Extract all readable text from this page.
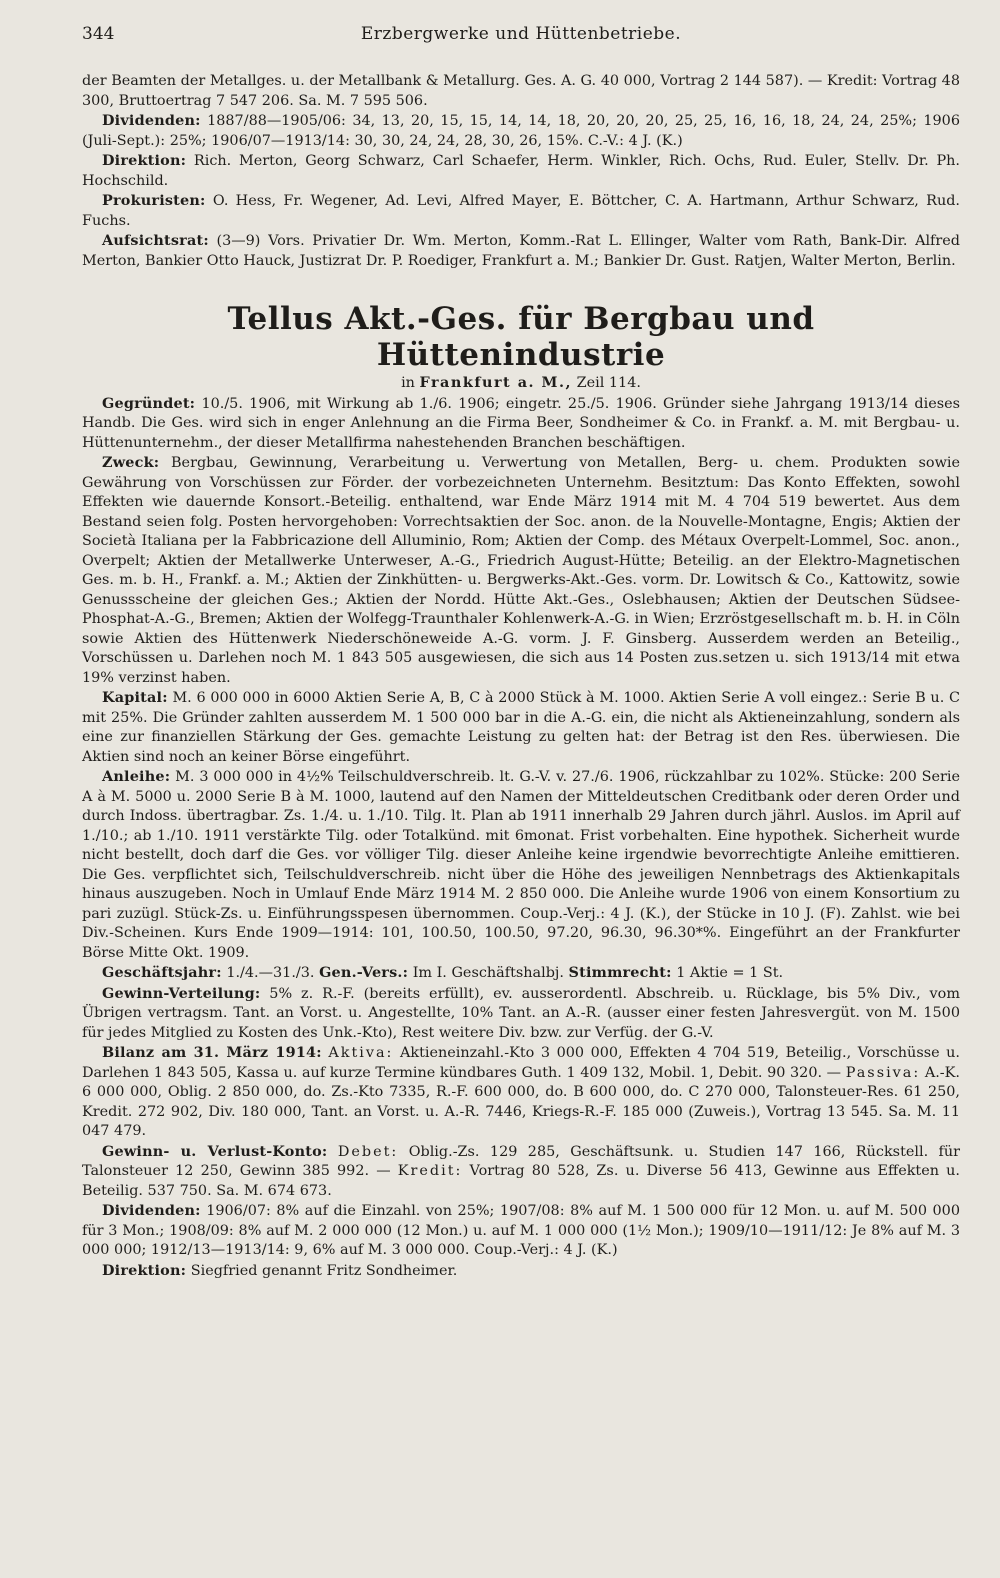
344	Erzbergwerke und Hüttenbetriebe.

der Beamten der Metallges. u. der Metallbank & Metallurg. Ges. A. G. 40 000, Vortrag 2 144 587). — Kredit: Vortrag 48 300, Bruttoertrag 7 547 206. Sa. M. 7 595 506.

Dividenden: 1887/88—1905/06: 34, 13, 20, 15, 15, 14, 14, 18, 20, 20, 20, 25, 25, 16, 16, 18, 24, 24, 25%; 1906 (Juli-Sept.): 25%; 1906/07—1913/14: 30, 30, 24, 24, 28, 30, 26, 15%. C.-V.: 4 J. (K.)

Direktion: Rich. Merton, Georg Schwarz, Carl Schaefer, Herm. Winkler, Rich. Ochs, Rud. Euler, Stellv. Dr. Ph. Hochschild.

Prokuristen: O. Hess, Fr. Wegener, Ad. Levi, Alfred Mayer, E. Böttcher, C. A. Hartmann, Arthur Schwarz, Rud. Fuchs.

Aufsichtsrat: (3—9) Vors. Privatier Dr. Wm. Merton, Komm.-Rat L. Ellinger, Walter vom Rath, Bank-Dir. Alfred Merton, Bankier Otto Hauck, Justizrat Dr. P. Roediger, Frankfurt a. M.; Bankier Dr. Gust. Ratjen, Walter Merton, Berlin.

Tellus Akt.-Ges. für Bergbau und Hüttenindustrie

in Frankfurt a. M., Zeil 114.

Gegründet: 10./5. 1906, mit Wirkung ab 1./6. 1906; eingetr. 25./5. 1906. Gründer siehe Jahrgang 1913/14 dieses Handb. Die Ges. wird sich in enger Anlehnung an die Firma Beer, Sondheimer & Co. in Frankf. a. M. mit Bergbau- u. Hüttenunternehm., der dieser Metallfirma nahestehenden Branchen beschäftigen.

Zweck: Bergbau, Gewinnung, Verarbeitung u. Verwertung von Metallen, Berg- u. chem. Produkten sowie Gewährung von Vorschüssen zur Förder. der vorbezeichneten Unternehm. Besitztum: Das Konto Effekten, sowohl Effekten wie dauernde Konsort.-Beteilig. enthaltend, war Ende März 1914 mit M. 4 704 519 bewertet. Aus dem Bestand seien folg. Posten hervorgehoben: Vorrechtsaktien der Soc. anon. de la Nouvelle-Montagne, Engis; Aktien der Società Italiana per la Fabbricazione dell Alluminio, Rom; Aktien der Comp. des Métaux Overpelt-Lommel, Soc. anon., Overpelt; Aktien der Metallwerke Unterweser, A.-G., Friedrich August-Hütte; Beteilig. an der Elektro-Magnetischen Ges. m. b. H., Frankf. a. M.; Aktien der Zinkhütten- u. Bergwerks-Akt.-Ges. vorm. Dr. Lowitsch & Co., Kattowitz, sowie Genussscheine der gleichen Ges.; Aktien der Nordd. Hütte Akt.-Ges., Oslebhausen; Aktien der Deutschen Südsee-Phosphat-A.-G., Bremen; Aktien der Wolfegg-Traunthaler Kohlenwerk-A.-G. in Wien; Erzröstgesellschaft m. b. H. in Cöln sowie Aktien des Hüttenwerk Niederschöneweide A.-G. vorm. J. F. Ginsberg. Ausserdem werden an Beteilig., Vorschüssen u. Darlehen noch M. 1 843 505 ausgewiesen, die sich aus 14 Posten zus.setzen u. sich 1913/14 mit etwa 19% verzinst haben.

Kapital: M. 6 000 000 in 6000 Aktien Serie A, B, C à 2000 Stück à M. 1000. Aktien Serie A voll eingez.: Serie B u. C mit 25%. Die Gründer zahlten ausserdem M. 1 500 000 bar in die A.-G. ein, die nicht als Aktieneinzahlung, sondern als eine zur finanziellen Stärkung der Ges. gemachte Leistung zu gelten hat: der Betrag ist den Res. überwiesen. Die Aktien sind noch an keiner Börse eingeführt.

Anleihe: M. 3 000 000 in 4½% Teilschuldverschreib. lt. G.-V. v. 27./6. 1906, rückzahlbar zu 102%. Stücke: 200 Serie A à M. 5000 u. 2000 Serie B à M. 1000, lautend auf den Namen der Mitteldeutschen Creditbank oder deren Order und durch Indoss. übertragbar. Zs. 1./4. u. 1./10. Tilg. lt. Plan ab 1911 innerhalb 29 Jahren durch jährl. Auslos. im April auf 1./10.; ab 1./10. 1911 verstärkte Tilg. oder Totalkünd. mit 6monat. Frist vorbehalten. Eine hypothek. Sicherheit wurde nicht bestellt, doch darf die Ges. vor völliger Tilg. dieser Anleihe keine irgendwie bevorrechtigte Anleihe emittieren. Die Ges. verpflichtet sich, Teilschuldverschreib. nicht über die Höhe des jeweiligen Nennbetrags des Aktienkapitals hinaus auszugeben. Noch in Umlauf Ende März 1914 M. 2 850 000. Die Anleihe wurde 1906 von einem Konsortium zu pari zuzügl. Stück-Zs. u. Einführungsspesen übernommen. Coup.-Verj.: 4 J. (K.), der Stücke in 10 J. (F). Zahlst. wie bei Div.-Scheinen. Kurs Ende 1909—1914: 101, 100.50, 100.50, 97.20, 96.30, 96.30*%. Eingeführt an der Frankfurter Börse Mitte Okt. 1909.

Geschäftsjahr: 1./4.—31./3. Gen.-Vers.: Im I. Geschäftshalbj. Stimmrecht: 1 Aktie = 1 St.

Gewinn-Verteilung: 5% z. R.-F. (bereits erfüllt), ev. ausserordentl. Abschreib. u. Rücklage, bis 5% Div., vom Übrigen vertragsm. Tant. an Vorst. u. Angestellte, 10% Tant. an A.-R. (ausser einer festen Jahresvergüt. von M. 1500 für jedes Mitglied zu Kosten des Unk.-Kto), Rest weitere Div. bzw. zur Verfüg. der G.-V.

Bilanz am 31. März 1914: Aktiva: Aktieneinzahl.-Kto 3 000 000, Effekten 4 704 519, Beteilig., Vorschüsse u. Darlehen 1 843 505, Kassa u. auf kurze Termine kündbares Guth. 1 409 132, Mobil. 1, Debit. 90 320. — Passiva: A.-K. 6 000 000, Oblig. 2 850 000, do. Zs.-Kto 7335, R.-F. 600 000, do. B 600 000, do. C 270 000, Talonsteuer-Res. 61 250, Kredit. 272 902, Div. 180 000, Tant. an Vorst. u. A.-R. 7446, Kriegs-R.-F. 185 000 (Zuweis.), Vortrag 13 545. Sa. M. 11 047 479.

Gewinn- u. Verlust-Konto: Debet: Oblig.-Zs. 129 285, Geschäftsunk. u. Studien 147 166, Rückstell. für Talonsteuer 12 250, Gewinn 385 992. — Kredit: Vortrag 80 528, Zs. u. Diverse 56 413, Gewinne aus Effekten u. Beteilig. 537 750. Sa. M. 674 673.

Dividenden: 1906/07: 8% auf die Einzahl. von 25%; 1907/08: 8% auf M. 1 500 000 für 12 Mon. u. auf M. 500 000 für 3 Mon.; 1908/09: 8% auf M. 2 000 000 (12 Mon.) u. auf M. 1 000 000 (1½ Mon.); 1909/10—1911/12: Je 8% auf M. 3 000 000; 1912/13—1913/14: 9, 6% auf M. 3 000 000. Coup.-Verj.: 4 J. (K.)

Direktion: Siegfried genannt Fritz Sondheimer.
